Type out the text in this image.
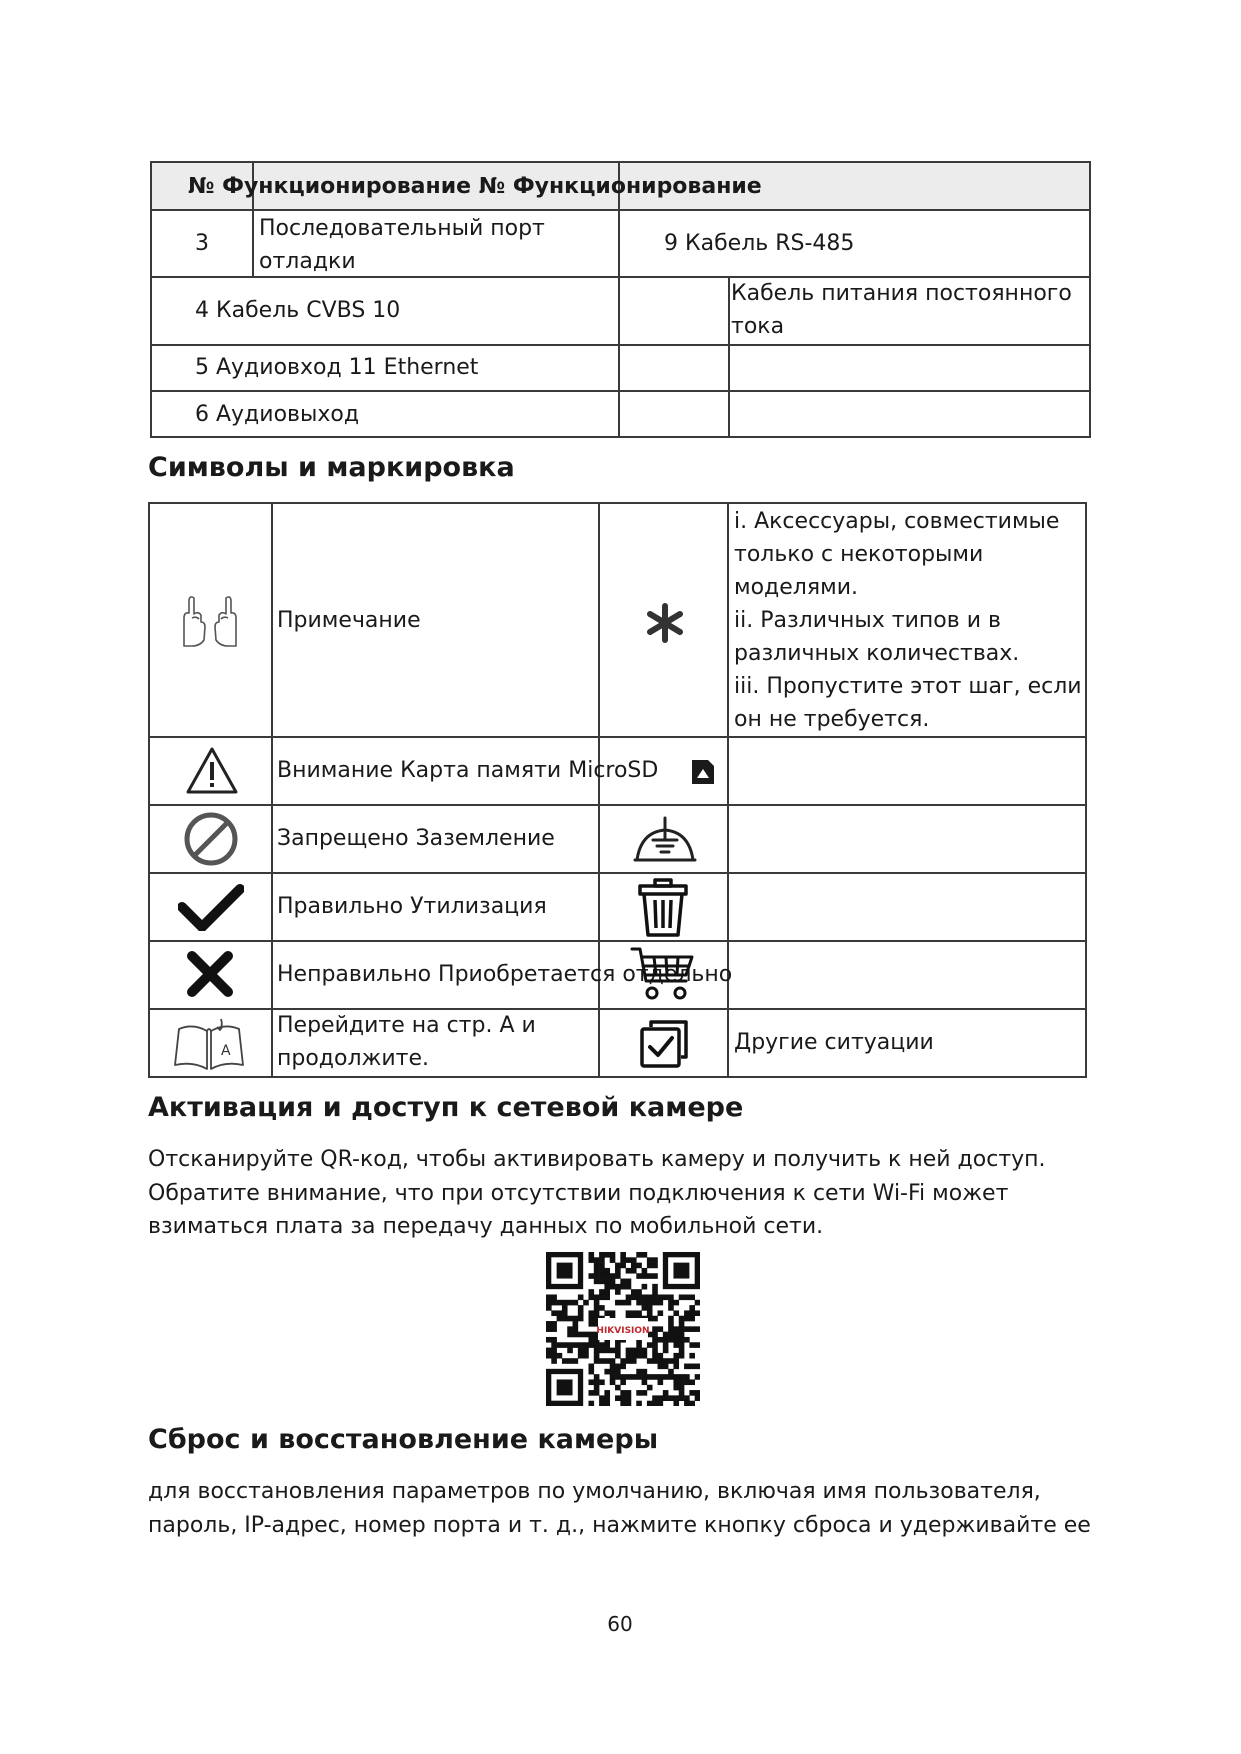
№ Функционирование № Функционирование
3
Последовательный порт
отладки
9 Кабель RS-485
4 Кабель CVBS 10
Кабель питания постоянного
тока
5 Аудиовход 11 Ethernet
6 Аудиовыход
Символы и маркировка
Примечание
i. Аксессуары, совместимые
только с некоторыми
моделями.
ii. Различных типов и в
различных количествах.
iii. Пропустите этот шаг, если
он не требуется.
Внимание Карта памяти MicroSD
Запрещено Заземление
Правильно Утилизация
Неправильно Приобретается отдельно
A
Перейдите на стр. A и
продолжите.
Другие ситуации
Активация и доступ к сетевой камере
Отсканируйте QR-код, чтобы активировать камеру и получить к ней доступ.
Обратите внимание, что при отсутствии подключения к сети Wi-Fi может
взиматься плата за передачу данных по мобильной сети.
HIKVISION
Сброс и восстановление камеры
для восстановления параметров по умолчанию, включая имя пользователя,
пароль, IP-адрес, номер порта и т. д., нажмите кнопку сброса и удерживайте ее
60
